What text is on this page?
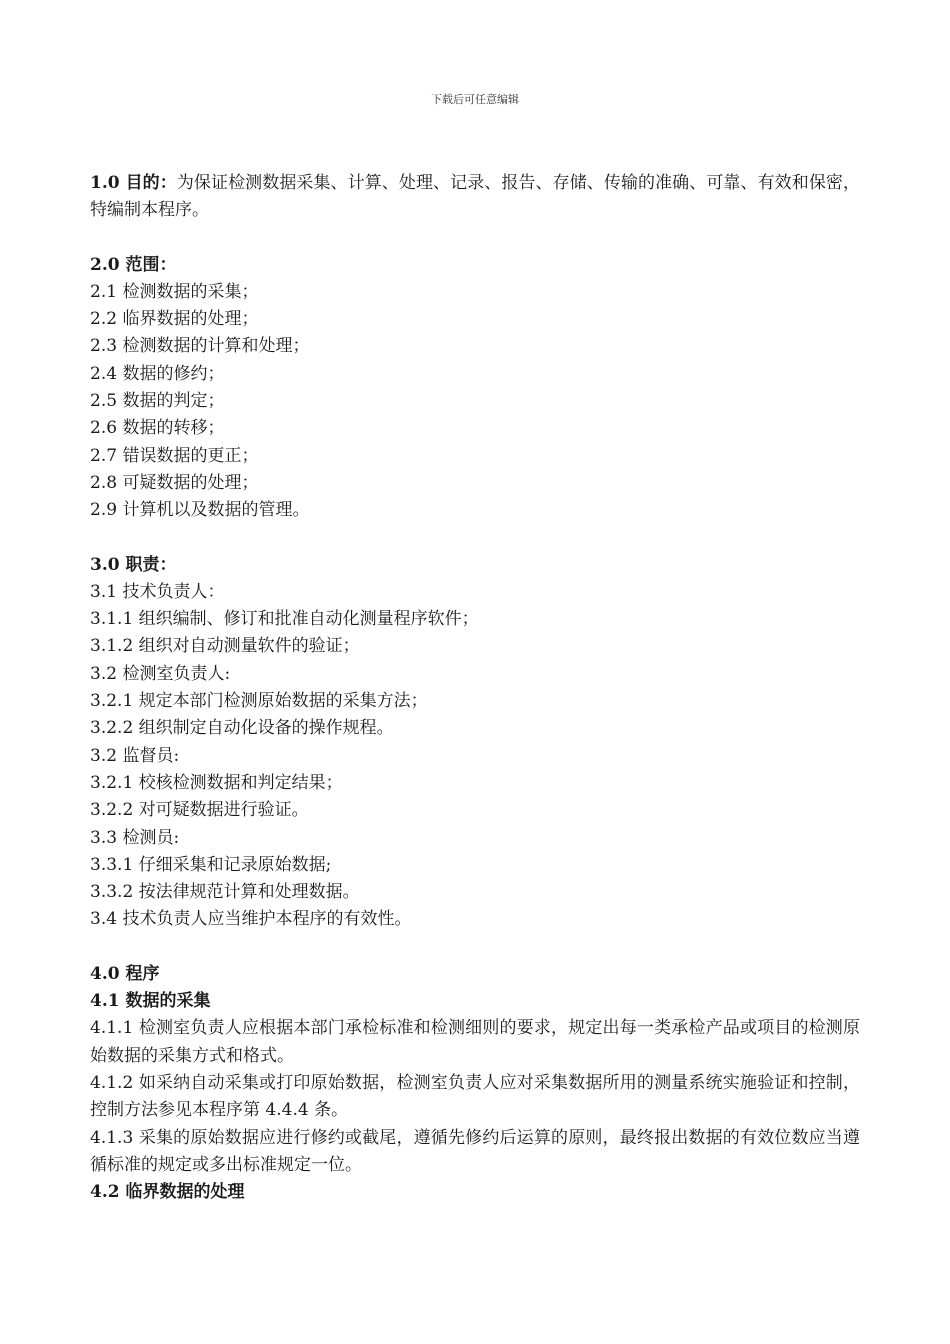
下载后可任意编辑
1.0 目的：为保证检测数据采集、计算、处理、记录、报告、存储、传输的准确、可靠、有效和保密，特编制本程序。
2.0 范围：
2.1 检测数据的采集；
2.2 临界数据的处理；
2.3 检测数据的计算和处理；
2.4 数据的修约；
2.5 数据的判定；
2.6 数据的转移；
2.7 错误数据的更正；
2.8 可疑数据的处理；
2.9 计算机以及数据的管理。
3.0 职责：
3.1 技术负责人：
3.1.1 组织编制、修订和批准自动化测量程序软件；
3.1.2 组织对自动测量软件的验证；
3.2 检测室负责人:
3.2.1 规定本部门检测原始数据的采集方法；
3.2.2 组织制定自动化设备的操作规程。
3.2 监督员:
3.2.1 校核检测数据和判定结果；
3.2.2 对可疑数据进行验证。
3.3 检测员:
3.3.1 仔细采集和记录原始数据;
3.3.2 按法律规范计算和处理数据。
3.4 技术负责人应当维护本程序的有效性。
4.0 程序
4.1 数据的采集
4.1.1 检测室负责人应根据本部门承检标准和检测细则的要求，规定出每一类承检产品或项目的检测原始数据的采集方式和格式。
4.1.2 如采纳自动采集或打印原始数据，检测室负责人应对采集数据所用的测量系统实施验证和控制，控制方法参见本程序第 4.4.4 条。
4.1.3 采集的原始数据应进行修约或截尾，遵循先修约后运算的原则，最终报出数据的有效位数应当遵循标准的规定或多出标准规定一位。
4.2 临界数据的处理
